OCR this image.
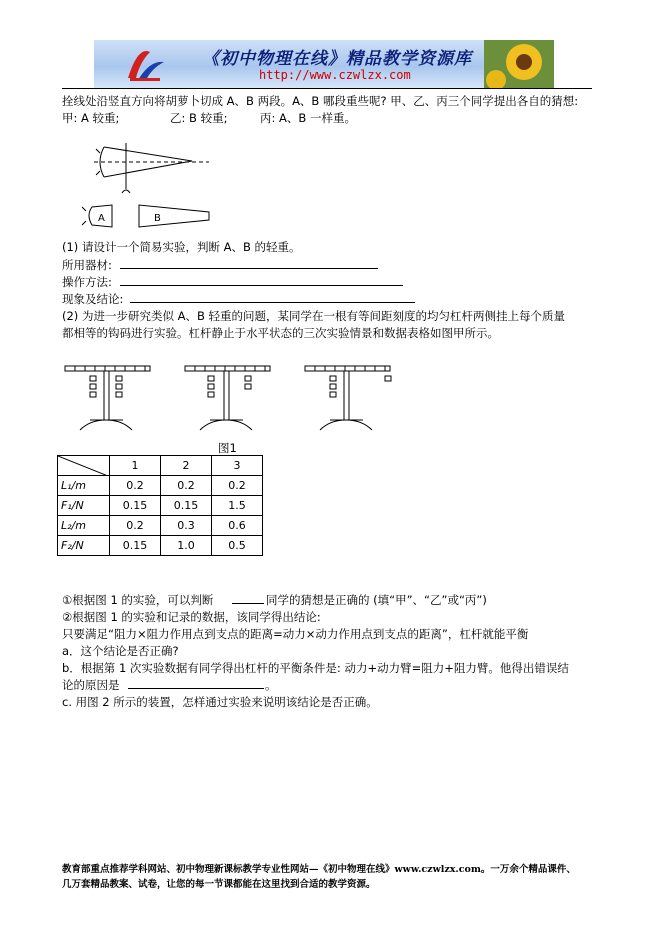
《初中物理在线》精品教学资源库
http://www.czwlzx.com
拴线处沿竖直方向将胡萝卜切成 A、B 两段。A、B 哪段重些呢? 甲、乙、丙三个同学提出各自的猜想:
甲: A 较重;	乙: B 较重;	丙: A、B 一样重。
A	B
(1) 请设计一个简易实验，判断 A、B 的轻重。
所用器材:
操作方法:
现象及结论:
(2) 为进一步研究类似 A、B 轻重的问题，某同学在一根有等间距刻度的均匀杠杆两侧挂上每个质量
都相等的钩码进行实验。杠杆静止于水平状态的三次实验情景和数据表格如图甲所示。
图1
	1	2	3
L₁/m	0.2	0.2	0.2
F₁/N	0.15	0.15	1.5
L₂/m	0.2	0.3	0.6
F₂/N	0.15	1.0	0.5
①根据图 1 的实验，可以判断	同学的猜想是正确的 (填“甲”、“乙”或“丙”)
②根据图 1 的实验和记录的数据，该同学得出结论:
只要满足“阻力×阻力作用点到支点的距离=动力×动力作用点到支点的距离”，杠杆就能平衡
a．这个结论是否正确?
b．根据第 1 次实验数据有同学得出杠杆的平衡条件是: 动力+动力臂=阻力+阻力臂。他得出错误结
论的原因是	。
c. 用图 2 所示的装置，怎样通过实验来说明该结论是否正确。
教育部重点推荐学科网站、初中物理新课标教学专业性网站—《初中物理在线》www.czwlzx.com。一万余个精品课件、
几万套精品教案、试卷，让您的每一节课都能在这里找到合适的教学资源。
